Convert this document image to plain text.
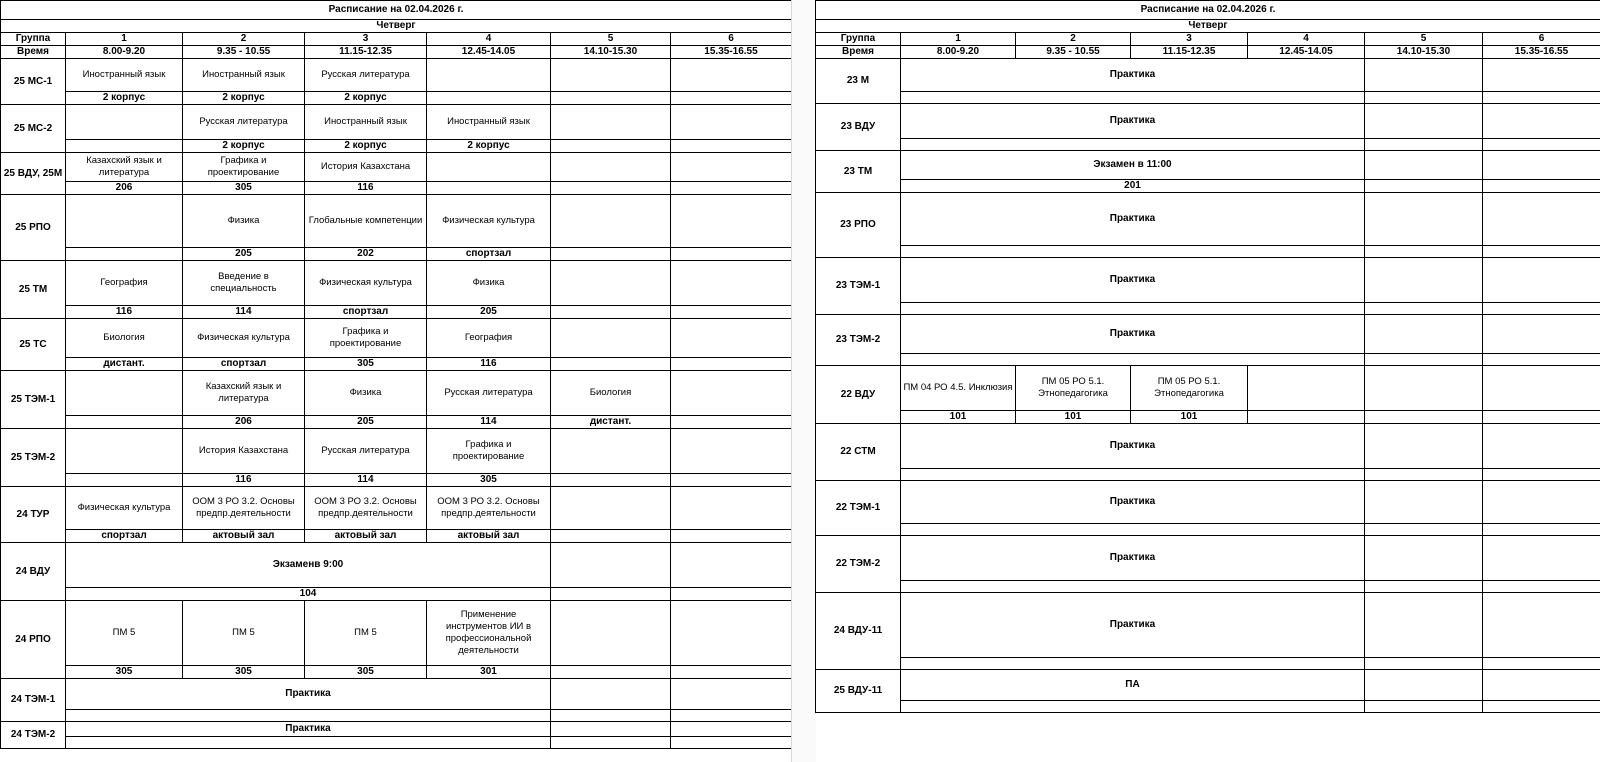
Расписание на 02.04.2026 г.						
Четверг						
Группа	1	2	3	4	5	6
Время	8.00-9.20	9.35 - 10.55	11.15-12.35	12.45-14.05	14.10-15.30	15.35-16.55
25 МС-1	Иностранный язык	Иностранный язык	Русская литература			
	2 корпус	2 корпус	2 корпус			
25 МС-2		Русская литература	Иностранный язык	Иностранный язык		
		2 корпус	2 корпус	2 корпус		
25 ВДУ, 25М	Казахский язык и литература	Графика и проектирование	История Казахстана			
	206	305	116			
25 РПО		Физика	Глобальные компетенции	Физическая культура		
		205	202	спортзал		
25 ТМ	География	Введение в специальность	Физическая культура	Физика		
	116	114	спортзал	205		
25 ТС	Биология	Физическая культура	Графика и проектирование	География		
	дистант.	спортзал	305	116		
25 ТЭМ-1		Казахский язык и литература	Физика	Русская литература	Биология	
		206	205	114	дистант.	
25 ТЭМ-2		История Казахстана	Русская литература	Графика и проектирование		
		116	114	305		
24 ТУР	Физическая культура	ООМ 3 РО 3.2. Основы предпр.деятельности	ООМ 3 РО 3.2. Основы предпр.деятельности	ООМ 3 РО 3.2. Основы предпр.деятельности		
	спортзал	актовый зал	актовый зал	актовый зал		
24 ВДУ	Экзаменв 9:00					
	104					
24 РПО	ПМ 5	ПМ 5	ПМ 5	Применение инструментов ИИ в профессиональной деятельности		
	305	305	305	301		
24 ТЭМ-1	Практика					

24 ТЭМ-2	Практика					

Расписание на 02.04.2026 г.						
Четверг						
Группа	1	2	3	4	5	6
Время	8.00-9.20	9.35 - 10.55	11.15-12.35	12.45-14.05	14.10-15.30	15.35-16.55
23 М	Практика					

23 ВДУ	Практика					

23 ТМ	Экзамен в 11:00					
	201					
23 РПО	Практика					

23 ТЭМ-1	Практика					

23 ТЭМ-2	Практика					

22 ВДУ	ПМ 04 РО 4.5. Инклюзия	ПМ 05 РО 5.1. Этнопедагогика	ПМ 05 РО 5.1. Этнопедагогика			
	101	101	101			
22 СТМ	Практика					

22 ТЭМ-1	Практика					

22 ТЭМ-2	Практика					

24 ВДУ-11	Практика					

25 ВДУ-11	ПА					
